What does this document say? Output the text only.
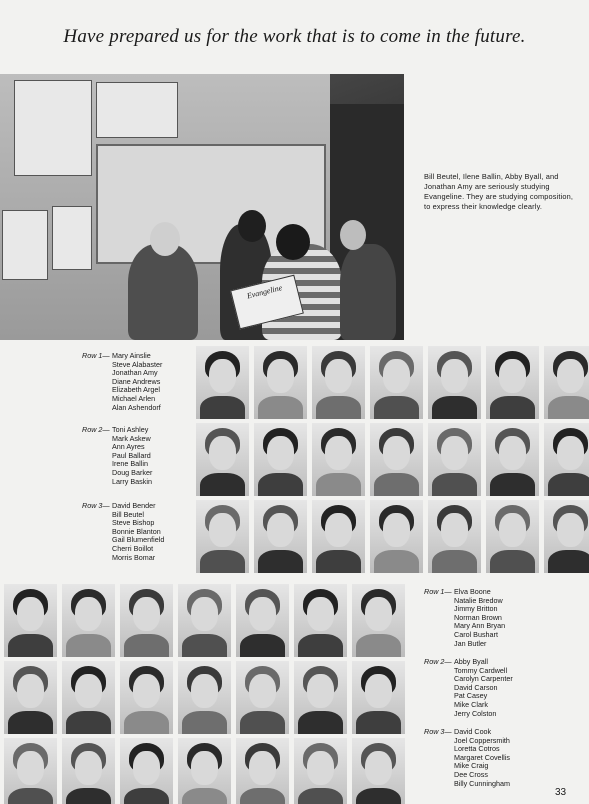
Have prepared us for the work that is to come in the future.
Evangeline
Bill Beutel, Ilene Ballin, Abby Byall, and Jonathan Amy are seriously studying Evangeline. They are studying composition, to express their knowledge clearly.
Row 1— Mary Ainslie
Steve Alabaster
Jonathan Amy
Diane Andrews
Elizabeth Argel
Michael Arlen
Alan Ashendorf
Row 2— Toni Ashley
Mark Askew
Ann Ayres
Paul Ballard
Irene Ballin
Doug Barker
Larry Baskin
Row 3— David Bender
Bill Beutel
Steve Bishop
Bonnie Blanton
Gail Blumenfield
Cherri Boillot
Morris Bomar
Row 1— Elva Boone
Natalie Bredow
Jimmy Britton
Norman Brown
Mary Ann Bryan
Carol Bushart
Jan Butler
Row 2— Abby Byall
Tommy Cardwell
Carolyn Carpenter
David Carson
Pat Casey
Mike Clark
Jerry Colston
Row 3— David Cook
Joel Coppersmith
Loretta Cotros
Margaret Covellis
Mike Craig
Dee Cross
Billy Cunningham
33
